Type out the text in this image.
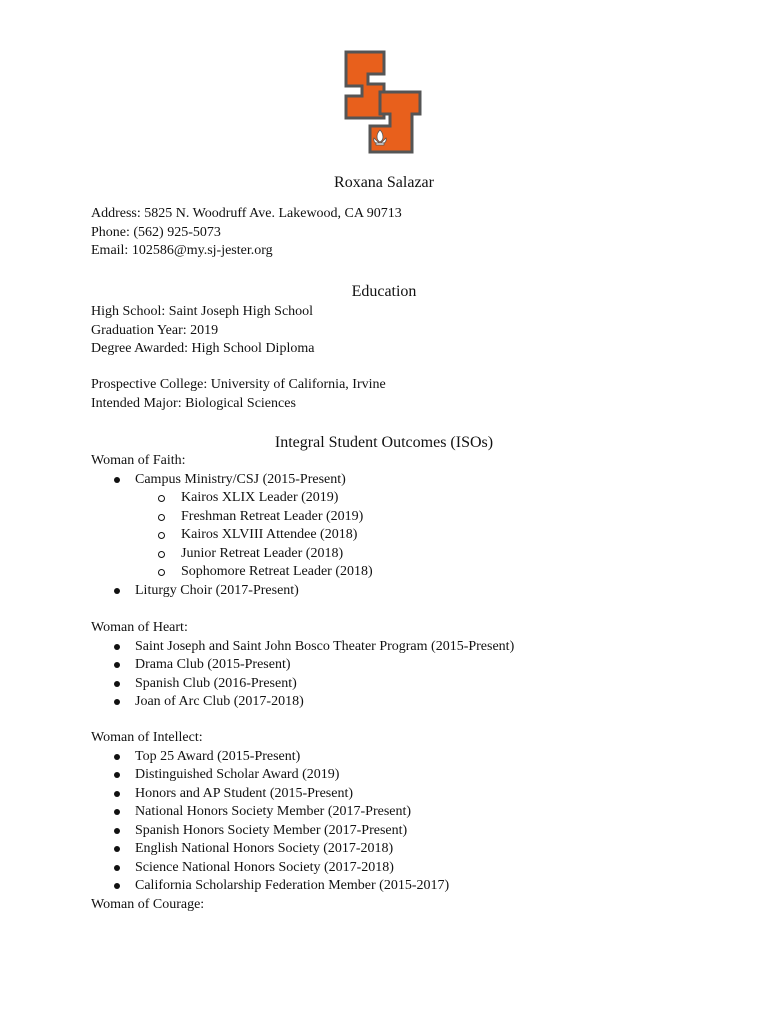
Roxana Salazar
Address: 5825 N. Woodruff Ave. Lakewood, CA 90713
Phone: (562) 925-5073
Email: 102586@my.sj-jester.org
Education
High School: Saint Joseph High School
Graduation Year: 2019
Degree Awarded: High School Diploma
Prospective College: University of California, Irvine
Intended Major: Biological Sciences
Integral Student Outcomes (ISOs)
Woman of Faith:
Campus Ministry/CSJ (2015-Present)
Kairos XLIX Leader (2019)
Freshman Retreat Leader (2019)
Kairos XLVIII Attendee (2018)
Junior Retreat Leader (2018)
Sophomore Retreat Leader (2018)
Liturgy Choir (2017-Present)
Woman of Heart:
Saint Joseph and Saint John Bosco Theater Program (2015-Present)
Drama Club (2015-Present)
Spanish Club (2016-Present)
Joan of Arc Club (2017-2018)
Woman of Intellect:
Top 25 Award (2015-Present)
Distinguished Scholar Award (2019)
Honors and AP Student (2015-Present)
National Honors Society Member (2017-Present)
Spanish Honors Society Member (2017-Present)
English National Honors Society (2017-2018)
Science National Honors Society (2017-2018)
California Scholarship Federation Member (2015-2017)
Woman of Courage:
